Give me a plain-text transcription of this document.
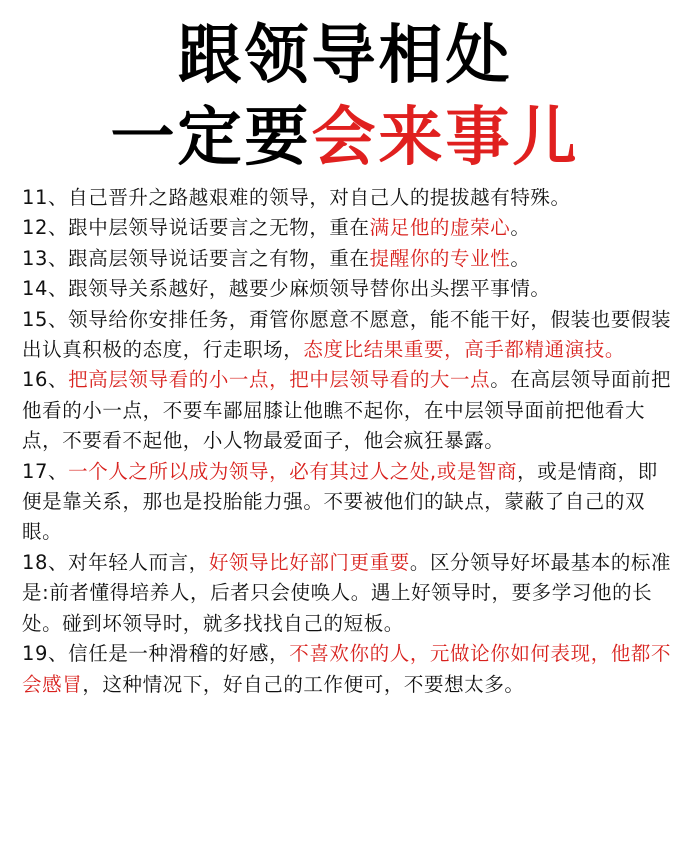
跟领导相处
一定要会来事儿

11、自己晋升之路越艰难的领导，对自己人的提拔越有特殊。

12、跟中层领导说话要言之无物，重在满足他的虚荣心。

13、跟高层领导说话要言之有物，重在提醒你的专业性。

14、跟领导关系越好，越要少麻烦领导替你出头摆平事情。

15、领导给你安排任务，甭管你愿意不愿意，能不能干好，假装也要假装出认真积极的态度，行走职场，态度比结果重要，高手都精通演技。

16、把高层领导看的小一点，把中层领导看的大一点。在高层领导面前把他看的小一点，不要车鄙屈膝让他瞧不起你，在中层领导面前把他看大点，不要看不起他，小人物最爱面子，他会疯狂暴露。

17、一个人之所以成为领导，必有其过人之处,或是智商，或是情商，即便是靠关系，那也是投胎能力强。不要被他们的缺点，蒙蔽了自己的双眼。

18、对年轻人而言，好领导比好部门更重要。区分领导好坏最基本的标准是:前者懂得培养人，后者只会使唤人。遇上好领导时，要多学习他的长处。碰到坏领导时，就多找找自己的短板。

19、信任是一种滑稽的好感，不喜欢你的人，元做论你如何表现，他都不会感冒，这种情况下，好自己的工作便可，不要想太多。
